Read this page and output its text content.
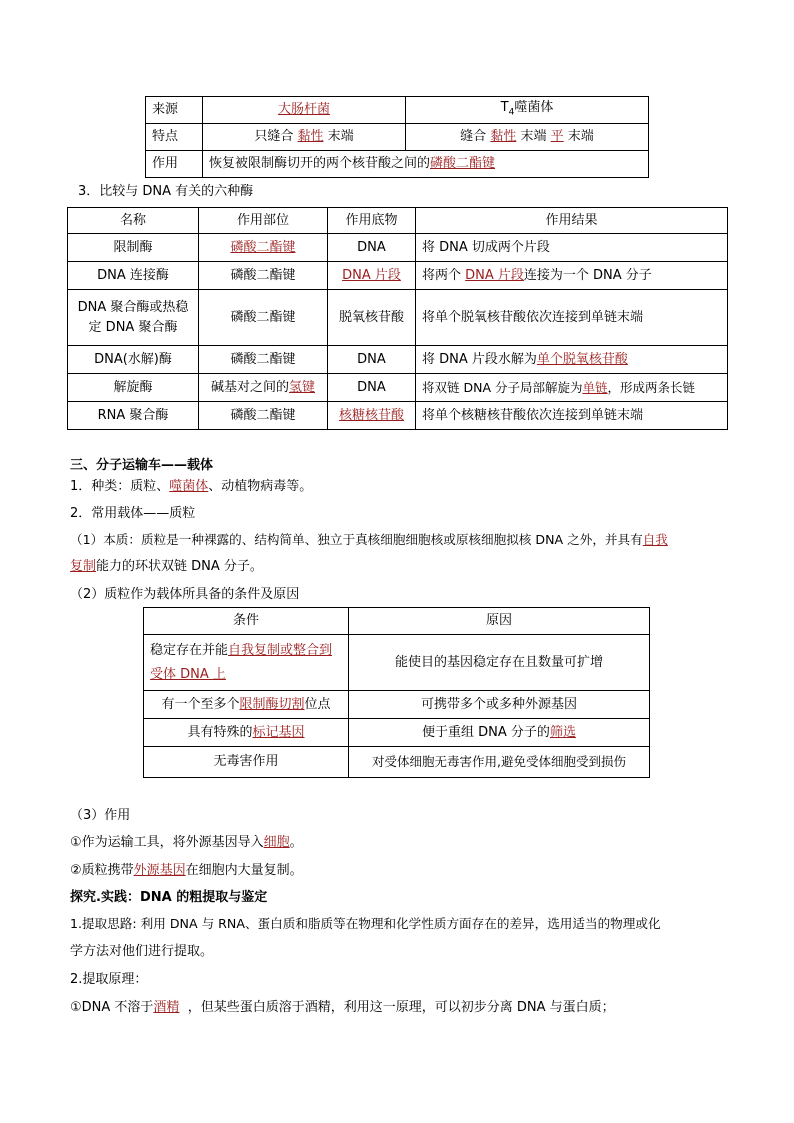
来源	大肠杆菌	$T_4$噬菌体
特点	只缝合 黏性 末端	缝合 黏性 末端 平 末端
作用	恢复被限制酶切开的两个核苷酸之间的磷酸二酯键	
3．比较与 DNA 有关的六种酶
名称	作用部位	作用底物	作用结果
限制酶	磷酸二酯键	DNA	将 DNA 切成两个片段
DNA 连接酶	磷酸二酯键	DNA 片段	将两个 DNA 片段连接为一个 DNA 分子
DNA 聚合酶或热稳定 DNA 聚合酶	磷酸二酯键	脱氧核苷酸	将单个脱氧核苷酸依次连接到单链末端
DNA(水解)酶	磷酸二酯键	DNA	将 DNA 片段水解为单个脱氧核苷酸
解旋酶	碱基对之间的氢键	DNA	将双链 DNA 分子局部解旋为单链，形成两条长链
RNA 聚合酶	磷酸二酯键	核糖核苷酸	将单个核糖核苷酸依次连接到单链末端
三、分子运输车——载体
1．种类：质粒、噬菌体、动植物病毒等。
2．常用载体——质粒
（1）本质：质粒是一种裸露的、结构简单、独立于真核细胞细胞核或原核细胞拟核 DNA 之外，并具有自我
复制能力的环状双链 DNA 分子。
（2）质粒作为载体所具备的条件及原因
条件	原因
稳定存在并能自我复制或整合到受体 DNA 上	能使目的基因稳定存在且数量可扩增
有一个至多个限制酶切割位点	可携带多个或多种外源基因
具有特殊的标记基因	便于重组 DNA 分子的筛选
无毒害作用	对受体细胞无毒害作用,避免受体细胞受到损伤
（3）作用
①作为运输工具，将外源基因导入细胞。
②质粒携带外源基因在细胞内大量复制。
探究.实践：DNA 的粗提取与鉴定
1.提取思路: 利用 DNA 与 RNA、蛋白质和脂质等在物理和化学性质方面存在的差异，选用适当的物理或化
学方法对他们进行提取。
2.提取原理：
①DNA 不溶于酒精 ，但某些蛋白质溶于酒精，利用这一原理，可以初步分离 DNA 与蛋白质；
